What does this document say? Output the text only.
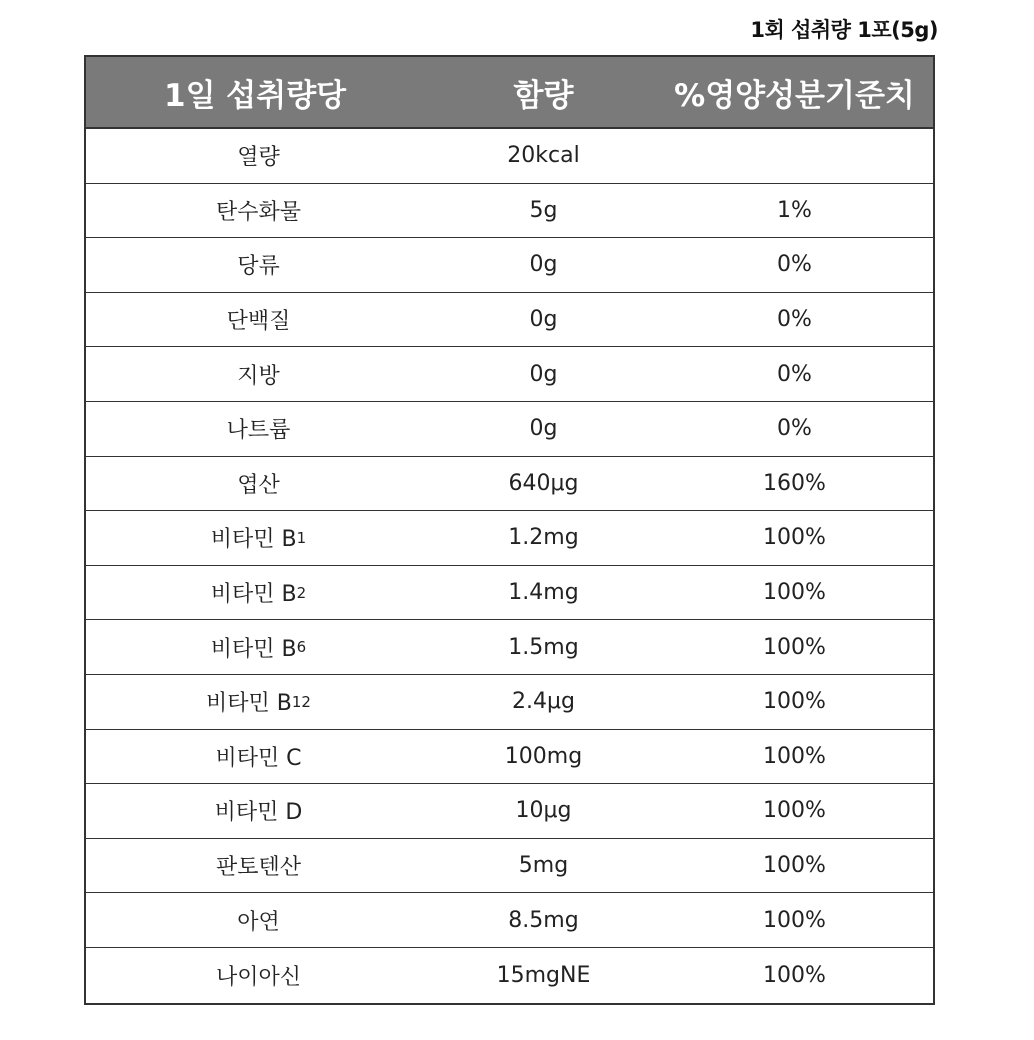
1회 섭취량 1포(5g)
1일 섭취량당	함량	%영양성분기준치
열량	20kcal
탄수화물	5g	1%
당류	0g	0%
단백질	0g	0%
지방	0g	0%
나트륨	0g	0%
엽산	640μg	160%
비타민 B 1	1.2mg	100%
비타민 B 2	1.4mg	100%
비타민 B 6	1.5mg	100%
비타민 B 12	2.4μg	100%
비타민 C	100mg	100%
비타민 D	10μg	100%
판토텐산	5mg	100%
아연	8.5mg	100%
나이아신	15mgNE	100%
